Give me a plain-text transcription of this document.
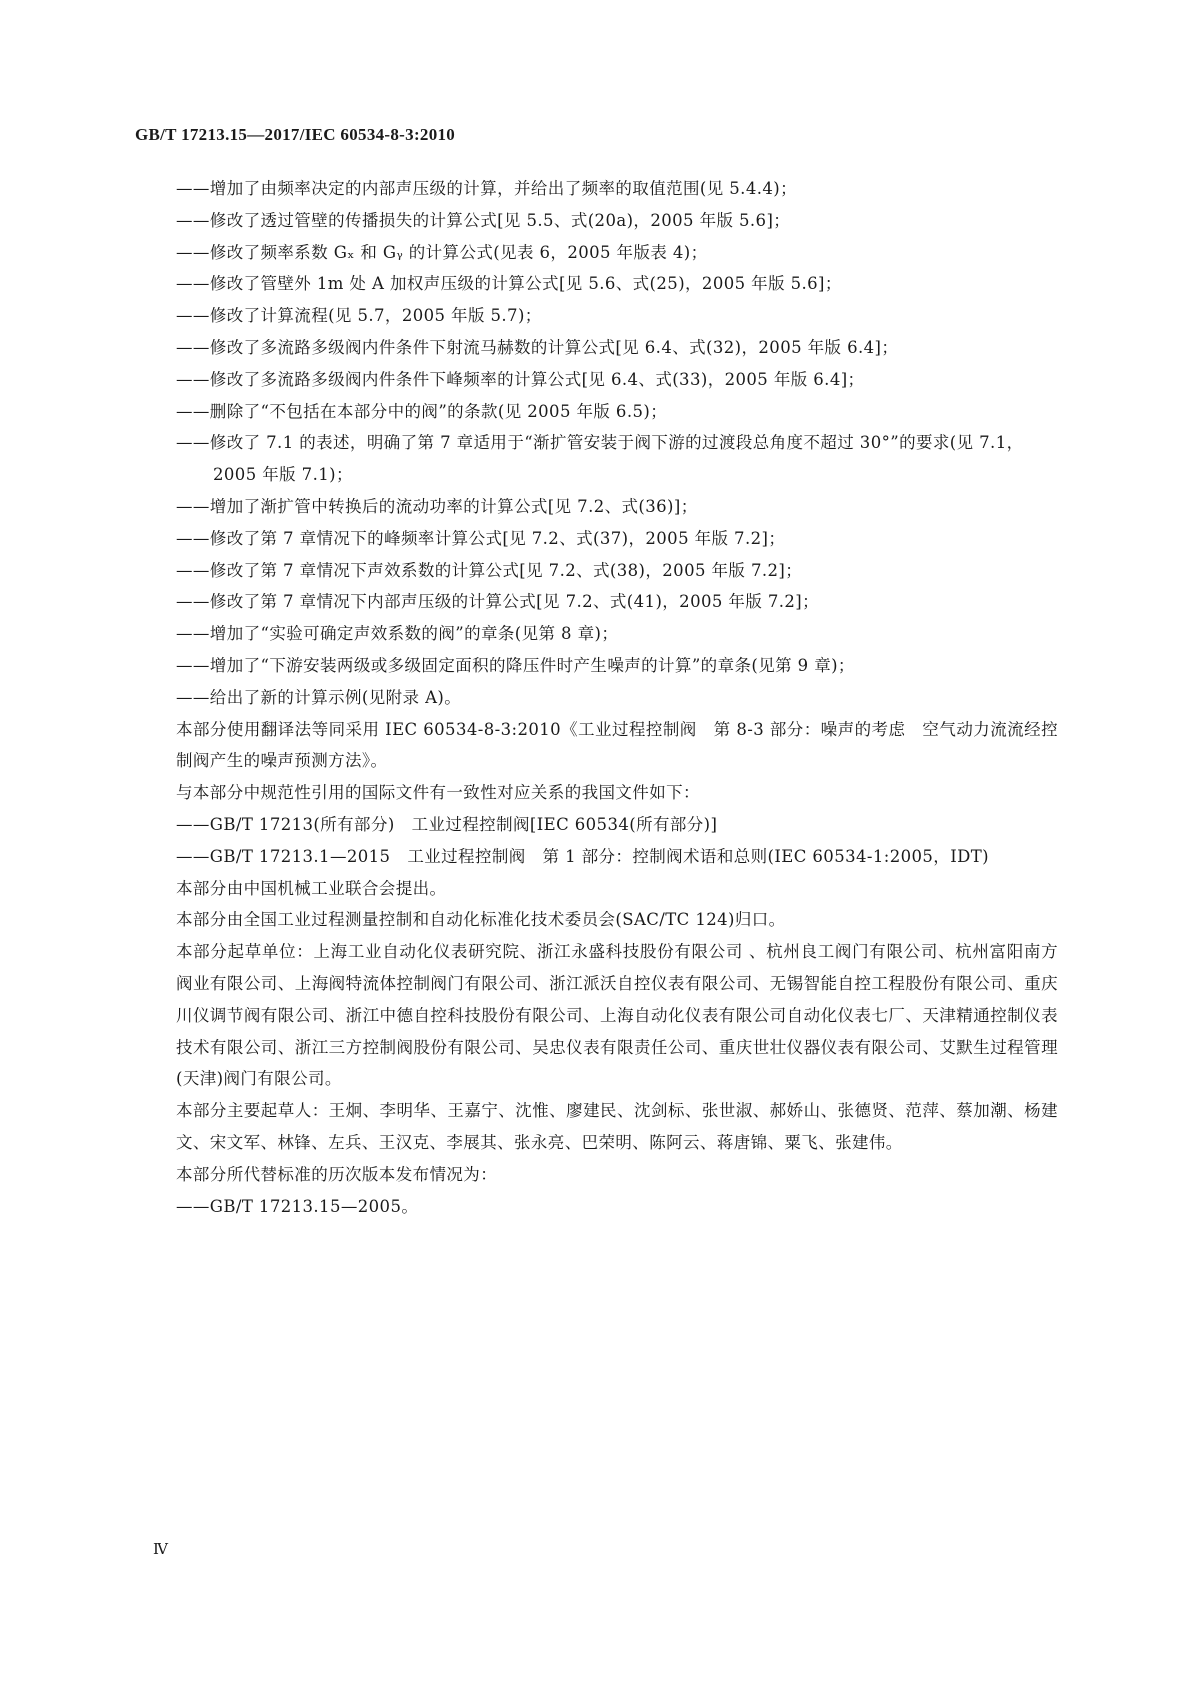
GB/T 17213.15—2017/IEC 60534-8-3:2010
——增加了由频率决定的内部声压级的计算，并给出了频率的取值范围(见 5.4.4)；
——修改了透过管壁的传播损失的计算公式[见 5.5、式(20a)，2005 年版 5.6]；
——修改了频率系数 Gₓ 和 Gᵧ 的计算公式(见表 6，2005 年版表 4)；
——修改了管壁外 1m 处 A 加权声压级的计算公式[见 5.6、式(25)，2005 年版 5.6]；
——修改了计算流程(见 5.7，2005 年版 5.7)；
——修改了多流路多级阀内件条件下射流马赫数的计算公式[见 6.4、式(32)，2005 年版 6.4]；
——修改了多流路多级阀内件条件下峰频率的计算公式[见 6.4、式(33)，2005 年版 6.4]；
——删除了“不包括在本部分中的阀”的条款(见 2005 年版 6.5)；
——修改了 7.1 的表述，明确了第 7 章适用于“渐扩管安装于阀下游的过渡段总角度不超过 30°”的要求(见 7.1，2005 年版 7.1)；
——增加了渐扩管中转换后的流动功率的计算公式[见 7.2、式(36)]；
——修改了第 7 章情况下的峰频率计算公式[见 7.2、式(37)，2005 年版 7.2]；
——修改了第 7 章情况下声效系数的计算公式[见 7.2、式(38)，2005 年版 7.2]；
——修改了第 7 章情况下内部声压级的计算公式[见 7.2、式(41)，2005 年版 7.2]；
——增加了“实验可确定声效系数的阀”的章条(见第 8 章)；
——增加了“下游安装两级或多级固定面积的降压件时产生噪声的计算”的章条(见第 9 章)；
——给出了新的计算示例(见附录 A)。

本部分使用翻译法等同采用 IEC 60534-8-3:2010《工业过程控制阀　第 8-3 部分：噪声的考虑　空气动力流流经控制阀产生的噪声预测方法》。

与本部分中规范性引用的国际文件有一致性对应关系的我国文件如下：

——GB/T 17213(所有部分)　工业过程控制阀[IEC 60534(所有部分)]
——GB/T 17213.1—2015　工业过程控制阀　第 1 部分：控制阀术语和总则(IEC 60534-1:2005，IDT)

本部分由中国机械工业联合会提出。

本部分由全国工业过程测量控制和自动化标准化技术委员会(SAC/TC 124)归口。

本部分起草单位：上海工业自动化仪表研究院、浙江永盛科技股份有限公司 、杭州良工阀门有限公司、杭州富阳南方阀业有限公司、上海阀特流体控制阀门有限公司、浙江派沃自控仪表有限公司、无锡智能自控工程股份有限公司、重庆川仪调节阀有限公司、浙江中德自控科技股份有限公司、上海自动化仪表有限公司自动化仪表七厂、天津精通控制仪表技术有限公司、浙江三方控制阀股份有限公司、吴忠仪表有限责任公司、重庆世壮仪器仪表有限公司、艾默生过程管理(天津)阀门有限公司。

本部分主要起草人：王炯、李明华、王嘉宁、沈惟、廖建民、沈剑标、张世淑、郝娇山、张德贤、范萍、蔡加潮、杨建文、宋文军、林锋、左兵、王汉克、李展其、张永亮、巴荣明、陈阿云、蒋唐锦、粟飞、张建伟。

本部分所代替标准的历次版本发布情况为：

——GB/T 17213.15—2005。
Ⅳ
